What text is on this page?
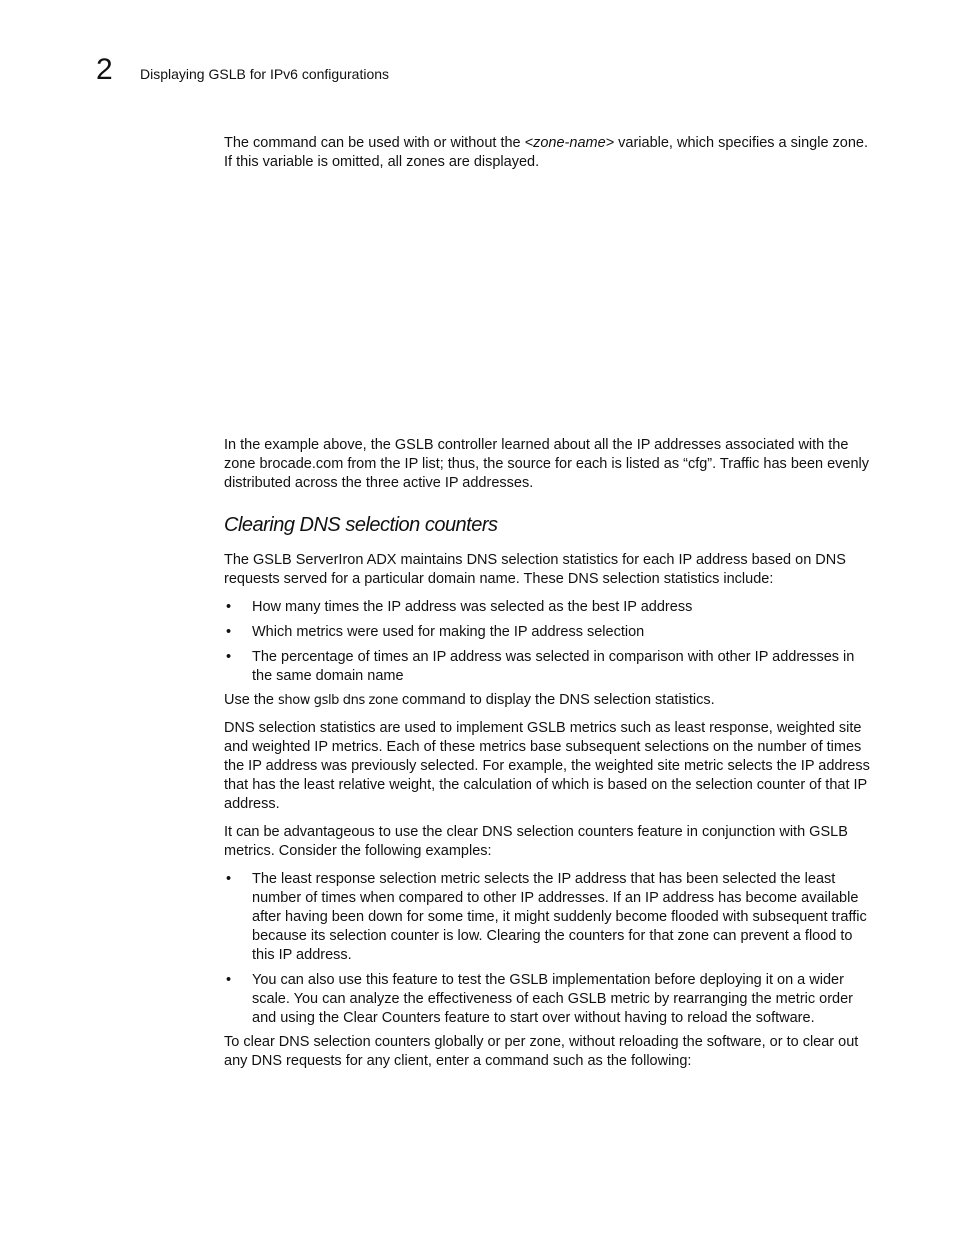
2 Displaying GSLB for IPv6 configurations

The command can be used with or without the <zone-name> variable, which specifies a single zone. If this variable is omitted, all zones are displayed.

In the example above, the GSLB controller learned about all the IP addresses associated with the zone brocade.com from the IP list; thus, the source for each is listed as “cfg”. Traffic has been evenly distributed across the three active IP addresses.

Clearing DNS selection counters

The GSLB ServerIron ADX maintains DNS selection statistics for each IP address based on DNS requests served for a particular domain name. These DNS selection statistics include:

• How many times the IP address was selected as the best IP address
• Which metrics were used for making the IP address selection
• The percentage of times an IP address was selected in comparison with other IP addresses in the same domain name

Use the show gslb dns zone command to display the DNS selection statistics.

DNS selection statistics are used to implement GSLB metrics such as least response, weighted site and weighted IP metrics. Each of these metrics base subsequent selections on the number of times the IP address was previously selected. For example, the weighted site metric selects the IP address that has the least relative weight, the calculation of which is based on the selection counter of that IP address.

It can be advantageous to use the clear DNS selection counters feature in conjunction with GSLB metrics. Consider the following examples:

• The least response selection metric selects the IP address that has been selected the least number of times when compared to other IP addresses. If an IP address has become available after having been down for some time, it might suddenly become flooded with subsequent traffic because its selection counter is low. Clearing the counters for that zone can prevent a flood to this IP address.
• You can also use this feature to test the GSLB implementation before deploying it on a wider scale. You can analyze the effectiveness of each GSLB metric by rearranging the metric order and using the Clear Counters feature to start over without having to reload the software.

To clear DNS selection counters globally or per zone, without reloading the software, or to clear out any DNS requests for any client, enter a command such as the following:
